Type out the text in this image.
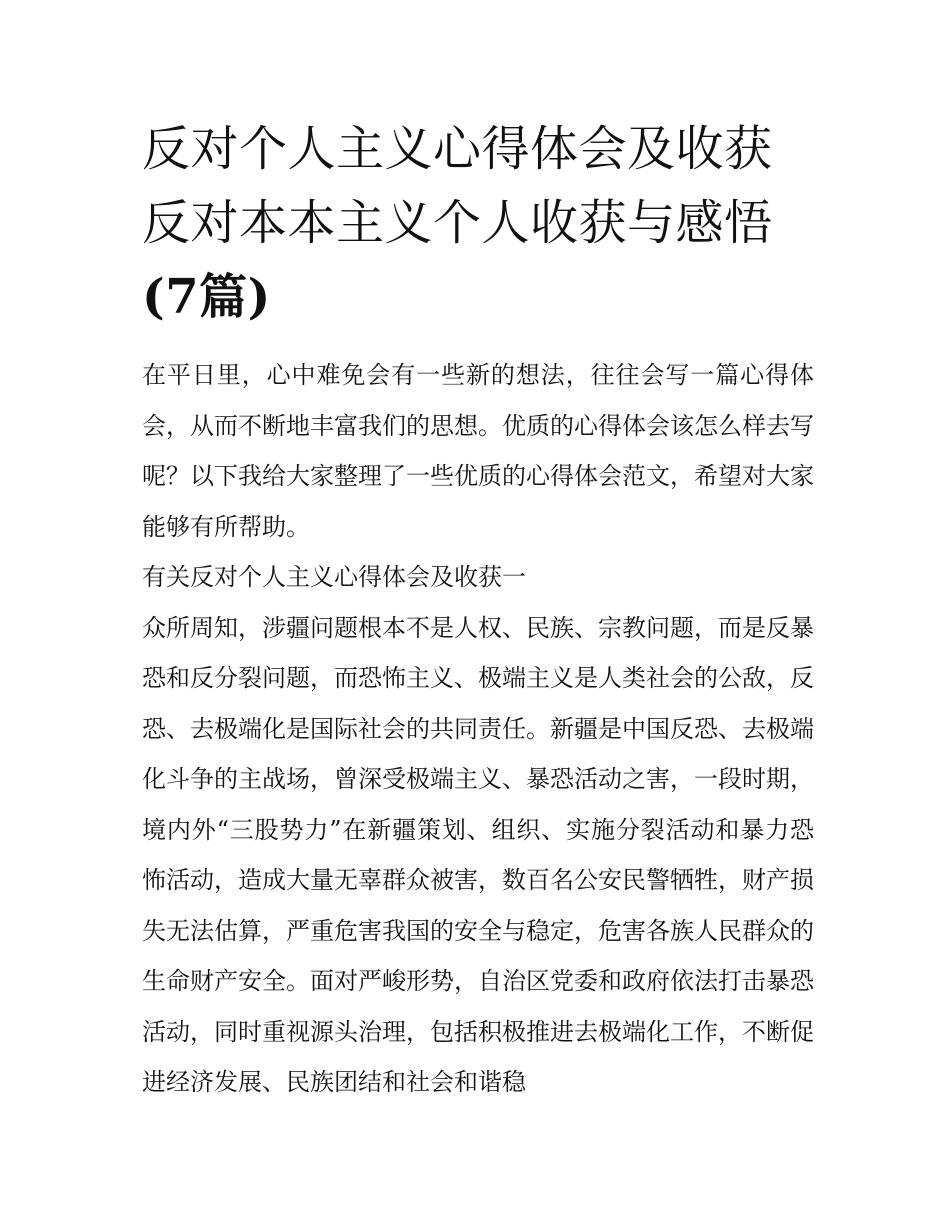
反对个人主义心得体会及收获
反对本本主义个人收获与感悟
(7篇)

在平日里，心中难免会有一些新的想法，往往会写一篇心得体会，从而不断地丰富我们的思想。优质的心得体会该怎么样去写呢？以下我给大家整理了一些优质的心得体会范文，希望对大家能够有所帮助。

有关反对个人主义心得体会及收获一

众所周知，涉疆问题根本不是人权、民族、宗教问题，而是反暴恐和反分裂问题，而恐怖主义、极端主义是人类社会的公敌，反恐、去极端化是国际社会的共同责任。新疆是中国反恐、去极端化斗争的主战场，曾深受极端主义、暴恐活动之害，一段时期，境内外“三股势力”在新疆策划、组织、实施分裂活动和暴力恐怖活动，造成大量无辜群众被害，数百名公安民警牺牲，财产损失无法估算，严重危害我国的安全与稳定，危害各族人民群众的生命财产安全。面对严峻形势，自治区党委和政府依法打击暴恐活动，同时重视源头治理，包括积极推进去极端化工作，不断促进经济发展、民族团结和社会和谐稳
